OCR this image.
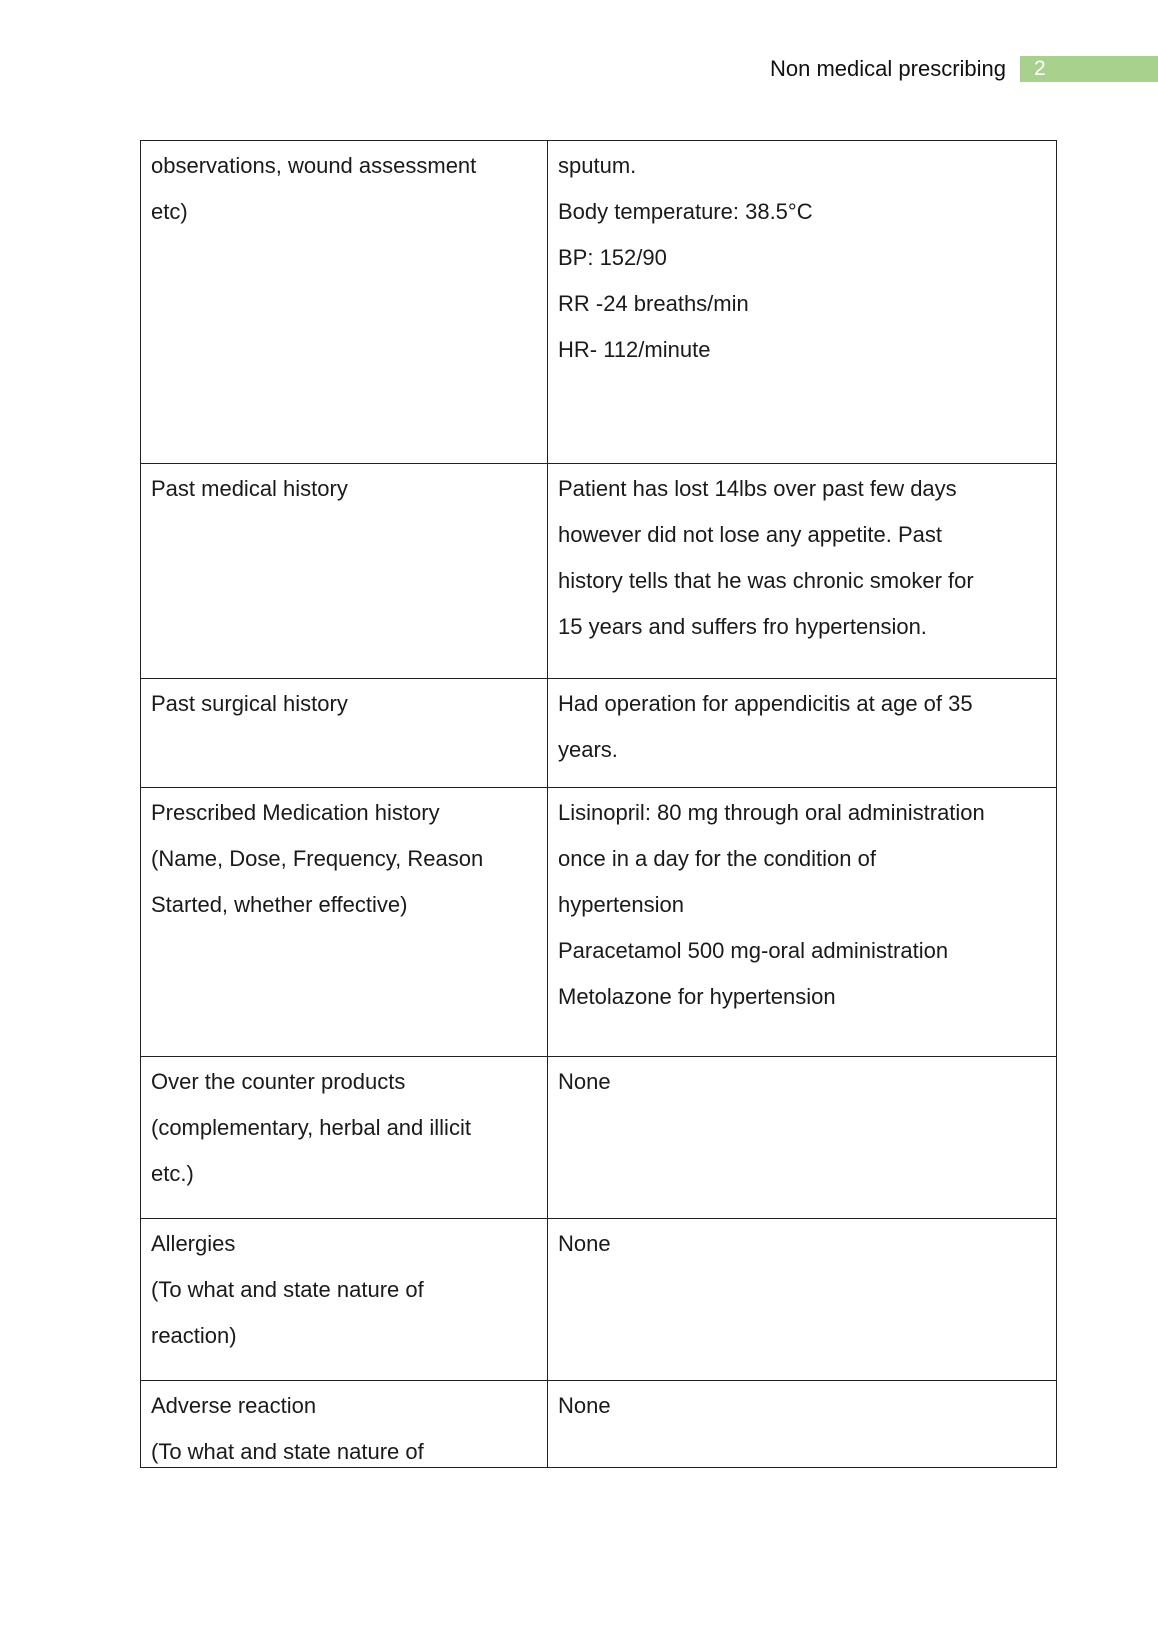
Non medical prescribing	2
observations, wound assessment
etc)	sputum.
Body temperature: 38.5°C
BP: 152/90
RR -24 breaths/min
HR- 112/minute

Past medical history	Patient has lost 14lbs over past few days
however did not lose any appetite. Past
history tells that he was chronic smoker for
15 years and suffers fro hypertension.

Past surgical history	Had operation for appendicitis at age of 35
years.

Prescribed Medication history
(Name, Dose, Frequency, Reason
Started, whether effective)	Lisinopril: 80 mg through oral administration
once in a day for the condition of
hypertension
Paracetamol 500 mg-oral administration
Metolazone for hypertension

Over the counter products
(complementary, herbal and illicit
etc.)	None

Allergies
(To what and state nature of
reaction)	None

Adverse reaction
(To what and state nature of	None
